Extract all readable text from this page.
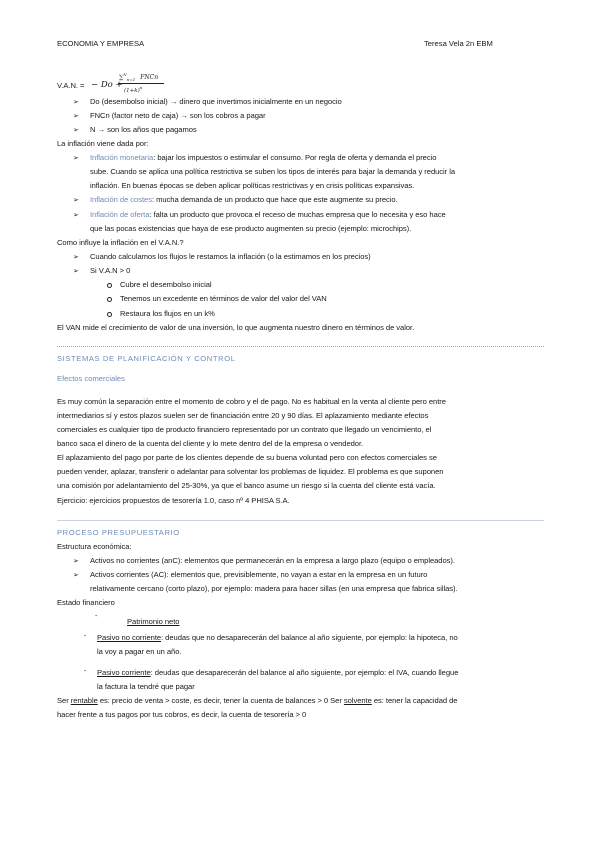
ECONOMIA Y EMPRESA	Teresa Vela 2n EBM
V.A.N. = − Do +
∑$^N_{n=1}$ FNCn
$(1+k)^n$
➢ Do (desembolso inicial) → dinero que invertimos inicialmente en un negocio
➢ FNCn (factor neto de caja) → son los cobros a pagar
➢ N → son los años que pagamos
La inflación viene dada por:
➢ Inflación monetaria: bajar los impuestos o estimular el consumo. Por regla de oferta y demanda el precio
sube. Cuando se aplica una política restrictiva se suben los tipos de interés para bajar la demanda y reducir la
inflación. En buenas épocas se deben aplicar políticas restrictivas y en crisis políticas expansivas.
➢ Inflación de costes: mucha demanda de un producto que hace que este augmente su precio.
➢ Inflación de oferta: falta un producto que provoca el receso de muchas empresa que lo necesita y eso hace
que las pocas existencias que haya de ese producto augmenten su precio (ejemplo: microchips).
Como influye la inflación en el V.A.N.?
➢ Cuando calculamos los flujos le restamos la inflación (o la estimamos en los precios)
➢ Si V.A.N > 0
Cubre el desembolso inicial
Tenemos un excedente en términos de valor del valor del VAN
Restaura los flujos en un k%
El VAN mide el crecimiento de valor de una inversión, lo que augmenta nuestro dinero en términos de valor.
SISTEMAS DE PLANIFICACIÓN Y CONTROL
Efectos comerciales
Es muy común la separación entre el momento de cobro y el de pago. No es habitual en la venta al cliente pero entre
intermediarios sí y estos plazos suelen ser de financiación entre 20 y 90 días. El aplazamiento mediante efectos
comerciales es cualquier tipo de producto financiero representado por un contrato que llegado un vencimiento, el
banco saca el dinero de la cuenta del cliente y lo mete dentro del de la empresa o vendedor.
El aplazamiento del pago por parte de los clientes depende de su buena voluntad pero con efectos comerciales se
pueden vender, aplazar, transferir o adelantar para solventar los problemas de liquidez. El problema es que suponen
una comisión por adelantamiento del 25-30%, ya que el banco asume un riesgo si la cuenta del cliente está vacía.
Ejercicio: ejercicios propuestos de tesorería 1.0, caso nº 4 PHISA S.A.
PROCESO PRESUPUESTARIO
Estructura económica:
➢ Activos no corrientes (anC): elementos que permanecerán en la empresa a largo plazo (equipo o empleados).
➢ Activos corrientes (AC): elementos que, previsiblemente, no vayan a estar en la empresa en un futuro
relativamente cercano (corto plazo), por ejemplo: madera para hacer sillas (en una empresa que fabrica sillas).
Estado financiero
-
Patrimonio neto
- Pasivo no corriente: deudas que no desaparecerán del balance al año siguiente, por ejemplo: la hipoteca, no
la voy a pagar en un año.
- Pasivo corriente: deudas que desaparecerán del balance al año siguiente, por ejemplo: el IVA, cuando llegue
la factura la tendré que pagar
Ser rentable es: precio de venta > coste, es decir, tener la cuenta de balances > 0 Ser solvente es: tener la capacidad de
hacer frente a tus pagos por tus cobros, es decir, la cuenta de tesorería > 0
